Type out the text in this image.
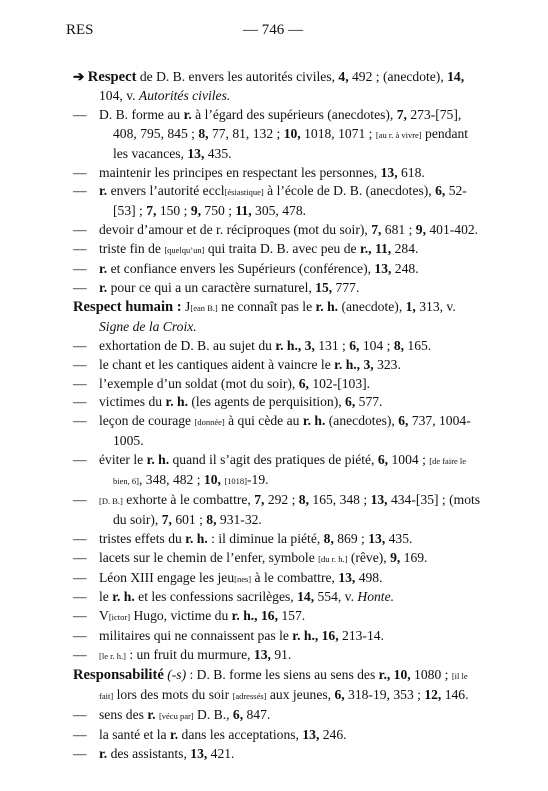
RES	— 746 —
➔ Respect de D. B. envers les autorités civiles, 4, 492 ; (anecdote), 14, 104, v. Autorités civiles.
— D. B. forme au r. à l’égard des supérieurs (anecdotes), 7, 273-[75], 408, 795, 845 ; 8, 77, 81, 132 ; 10, 1018, 1071 ; [au r. à vivre] pendant les vacances, 13, 435.
— maintenir les principes en respectant les personnes, 13, 618.
— r. envers l’autorité eccl[ésiastique] à l’école de D. B. (anecdotes), 6, 52-[53] ; 7, 150 ; 9, 750 ; 11, 305, 478.
— devoir d’amour et de r. réciproques (mot du soir), 7, 681 ; 9, 401-402.
— triste fin de [quelqu’un] qui traita D. B. avec peu de r., 11, 284.
— r. et confiance envers les Supérieurs (conférence), 13, 248.
— r. pour ce qui a un caractère surnaturel, 15, 777.
Respect humain : J[ean B.] ne connaît pas le r. h. (anecdote), 1, 313, v. Signe de la Croix.
— exhortation de D. B. au sujet du r. h., 3, 131 ; 6, 104 ; 8, 165.
— le chant et les cantiques aident à vaincre le r. h., 3, 323.
— l’exemple d’un soldat (mot du soir), 6, 102-[103].
— victimes du r. h. (les agents de perquisition), 6, 577.
— leçon de courage [donnée] à qui cède au r. h. (anecdotes), 6, 737, 1004-1005.
— éviter le r. h. quand il s’agit des pratiques de piété, 6, 1004 ; [de faire le bien, 6], 348, 482 ; 10, [1018]-19.
— [D. B.] exhorte à le combattre, 7, 292 ; 8, 165, 348 ; 13, 434-[35] ; (mots du soir), 7, 601 ; 8, 931-32.
— tristes effets du r. h. : il diminue la piété, 8, 869 ; 13, 435.
— lacets sur le chemin de l’enfer, symbole [du r. h.] (rêve), 9, 169.
— Léon XIII engage les jeu[nes] à le combattre, 13, 498.
— le r. h. et les confessions sacrilèges, 14, 554, v. Honte.
— V[ictor] Hugo, victime du r. h., 16, 157.
— militaires qui ne connaissent pas le r. h., 16, 213-14.
— [le r. h.] : un fruit du murmure, 13, 91.
Responsabilité (-s) : D. B. forme les siens au sens des r., 10, 1080 ; [il le fait] lors des mots du soir [adressés] aux jeunes, 6, 318-19, 353 ; 12, 146.
— sens des r. [vécu par] D. B., 6, 847.
— la santé et la r. dans les acceptations, 13, 246.
— r. des assistants, 13, 421.
